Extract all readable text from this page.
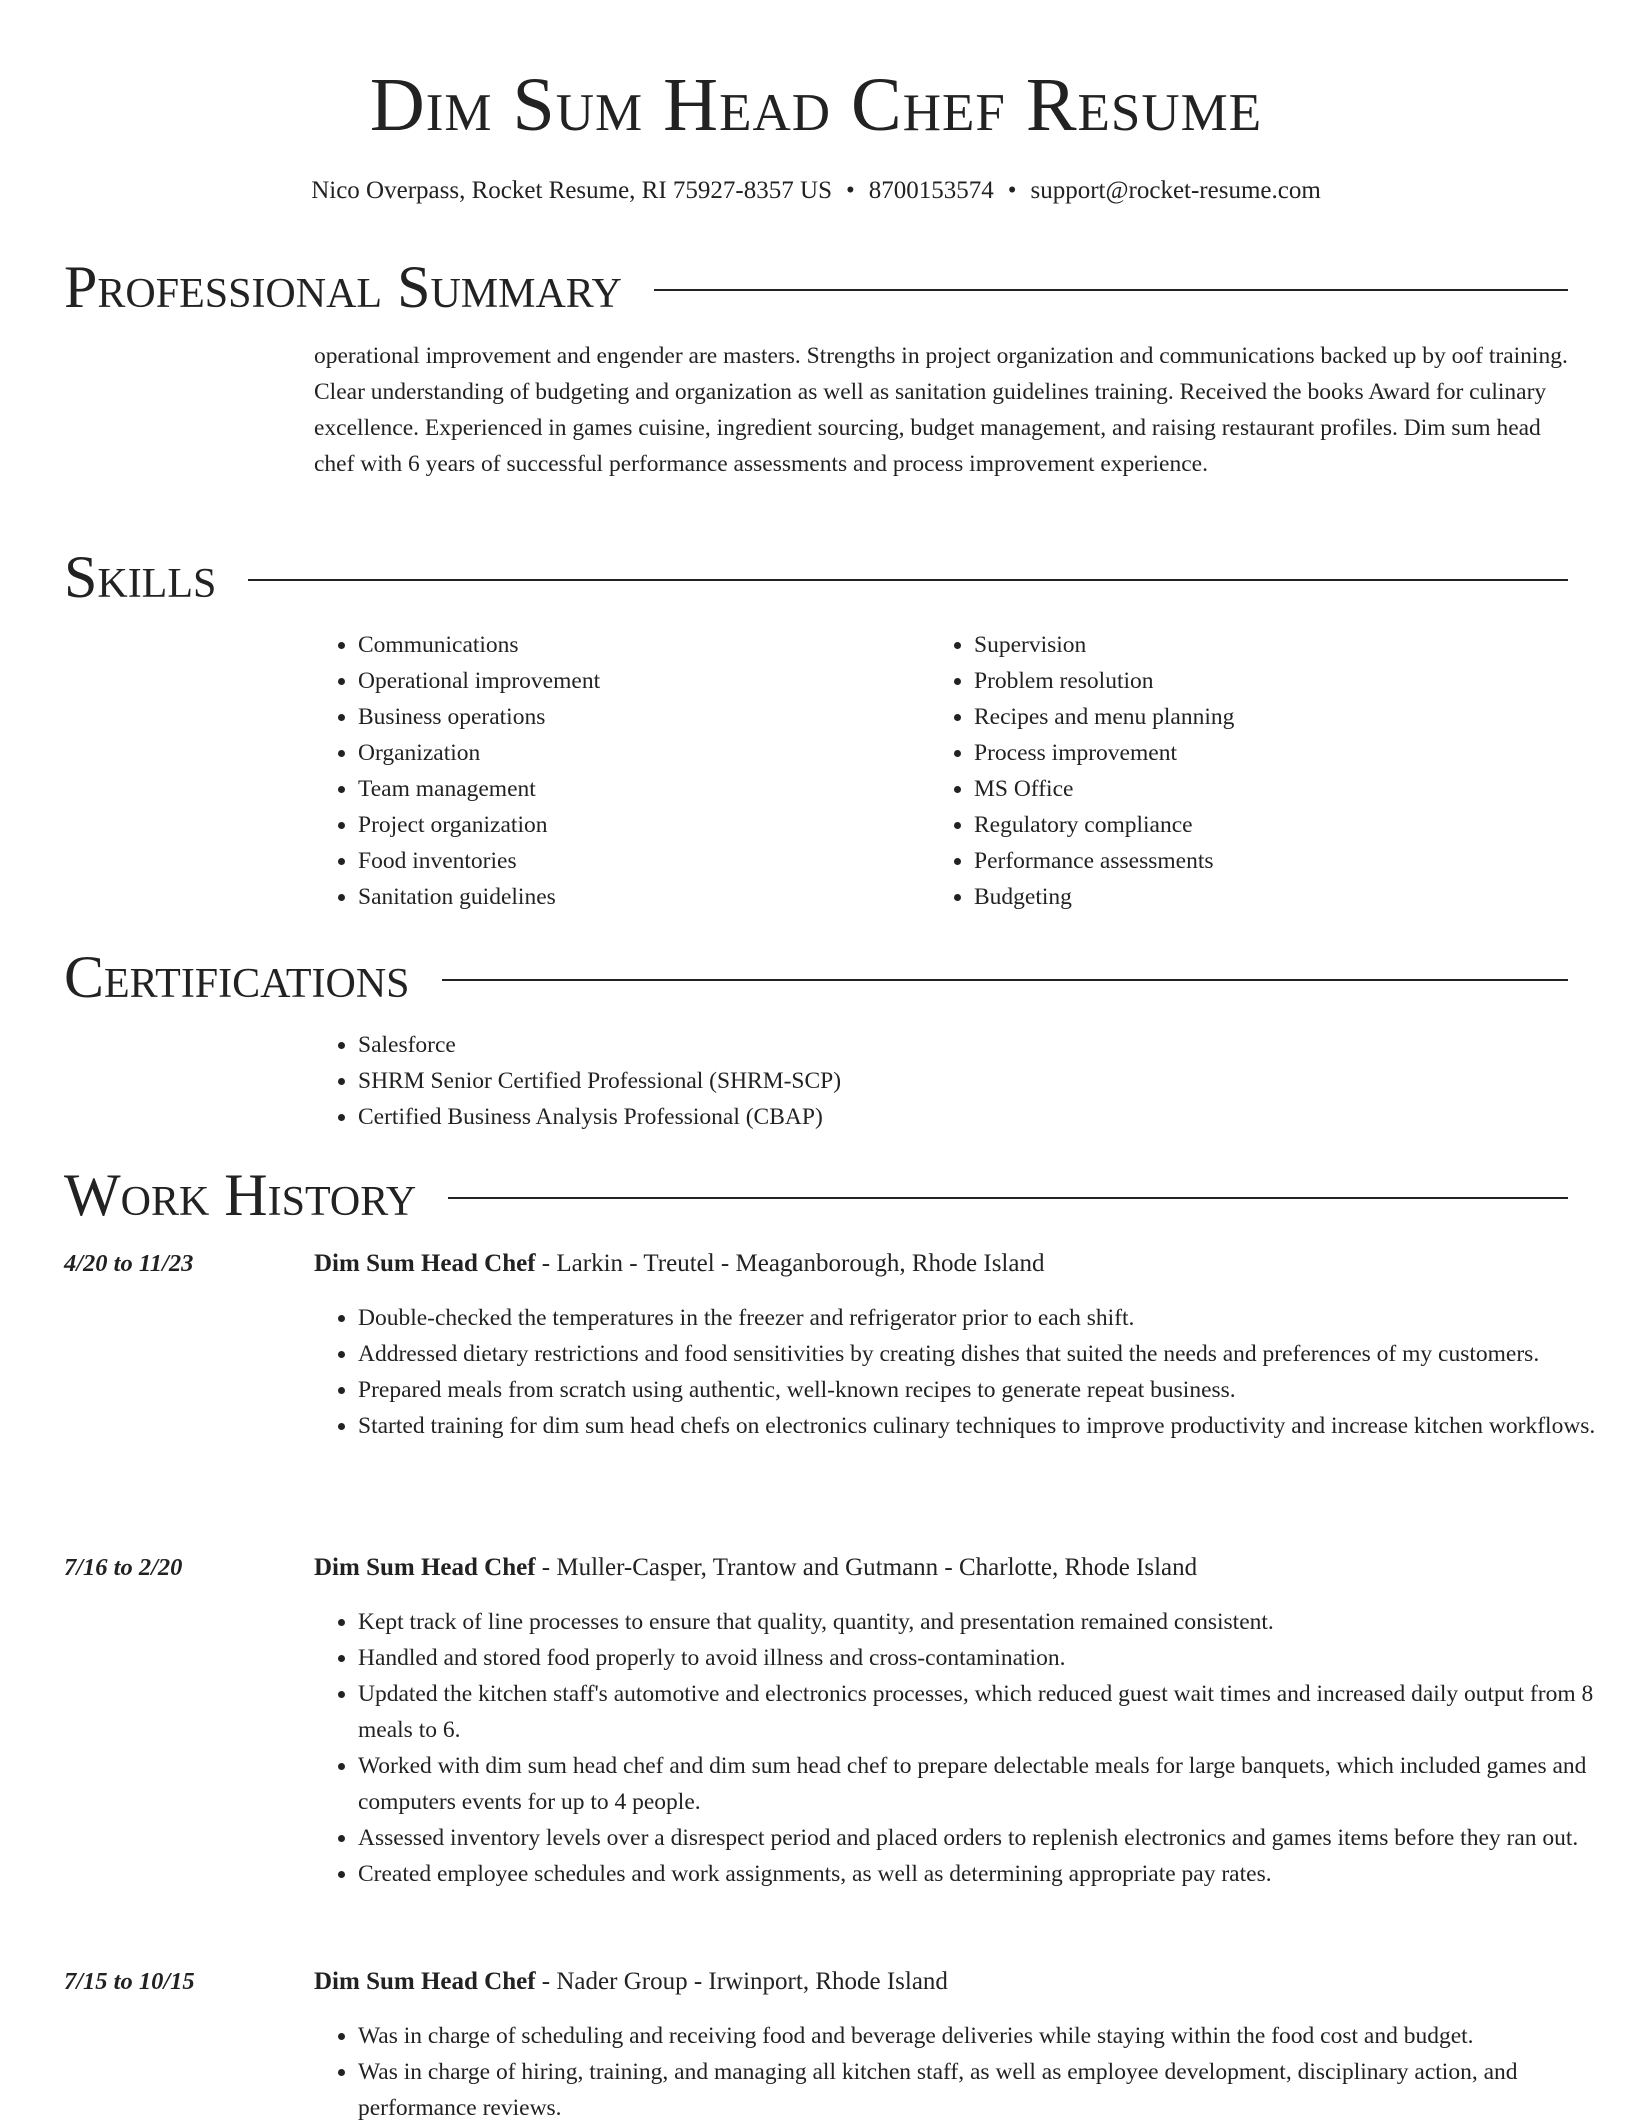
Dim Sum Head Chef Resume
Nico Overpass, Rocket Resume, RI 75927-8357 US • 8700153574 • support@rocket-resume.com
Professional Summary

operational improvement and engender are masters. Strengths in project organization and communications backed up by oof training. Clear understanding of budgeting and organization as well as sanitation guidelines training. Received the books Award for culinary excellence. Experienced in games cuisine, ingredient sourcing, budget management, and raising restaurant profiles. Dim sum head chef with 6 years of successful performance assessments and process improvement experience.

Skills
• Communications
• Operational improvement
• Business operations
• Organization
• Team management
• Project organization
• Food inventories
• Sanitation guidelines
• Supervision
• Problem resolution
• Recipes and menu planning
• Process improvement
• MS Office
• Regulatory compliance
• Performance assessments
• Budgeting
Certifications
• Salesforce
• SHRM Senior Certified Professional (SHRM-SCP)
• Certified Business Analysis Professional (CBAP)
Work History
4/20 to 11/23	Dim Sum Head Chef - Larkin - Treutel - Meaganborough, Rhode Island
• Double-checked the temperatures in the freezer and refrigerator prior to each shift.
• Addressed dietary restrictions and food sensitivities by creating dishes that suited the needs and preferences of my customers.
• Prepared meals from scratch using authentic, well-known recipes to generate repeat business.
• Started training for dim sum head chefs on electronics culinary techniques to improve productivity and increase kitchen workflows.
7/16 to 2/20	Dim Sum Head Chef - Muller-Casper, Trantow and Gutmann - Charlotte, Rhode Island
• Kept track of line processes to ensure that quality, quantity, and presentation remained consistent.
• Handled and stored food properly to avoid illness and cross-contamination.
• Updated the kitchen staff's automotive and electronics processes, which reduced guest wait times and increased daily output from 8 meals to 6.
• Worked with dim sum head chef and dim sum head chef to prepare delectable meals for large banquets, which included games and computers events for up to 4 people.
• Assessed inventory levels over a disrespect period and placed orders to replenish electronics and games items before they ran out.
• Created employee schedules and work assignments, as well as determining appropriate pay rates.
7/15 to 10/15	Dim Sum Head Chef - Nader Group - Irwinport, Rhode Island
• Was in charge of scheduling and receiving food and beverage deliveries while staying within the food cost and budget.
• Was in charge of hiring, training, and managing all kitchen staff, as well as employee development, disciplinary action, and performance reviews.
